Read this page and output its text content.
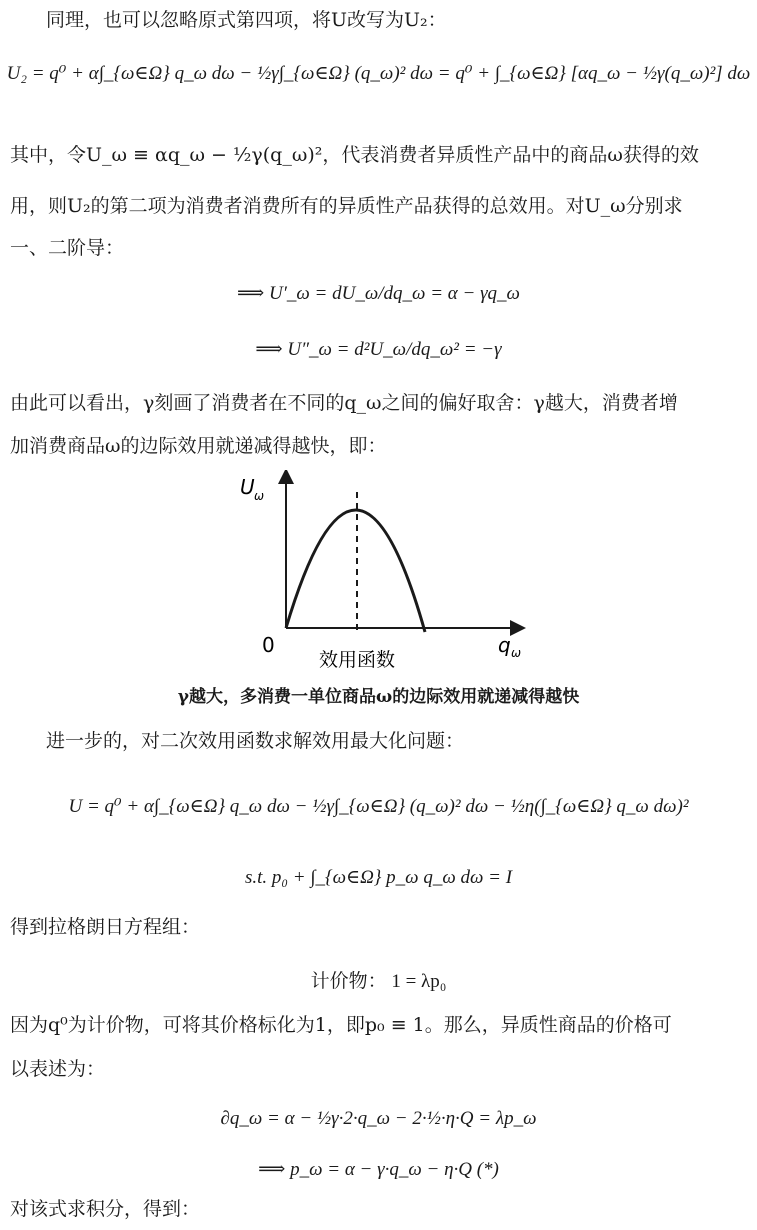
同理，也可以忽略原式第四项，将U改写为U₂：
U₂ = q⁰ + α∫_{ω∈Ω} q_ω dω − ½γ∫_{ω∈Ω} (q_ω)² dω = q⁰ + ∫_{ω∈Ω} [αq_ω − ½γ(q_ω)²] dω
其中，令U_ω ≡ αq_ω − ½γ(q_ω)²，代表消费者异质性产品中的商品ω获得的效
用，则U₂的第二项为消费者消费所有的异质性产品获得的总效用。对U_ω分别求
一、二阶导：
⟹ U′_ω = dU_ω/dq_ω = α − γq_ω
⟹ U″_ω = d²U_ω/dq_ω² = −γ
由此可以看出，γ刻画了消费者在不同的q_ω之间的偏好取舍：γ越大，消费者增
加消费商品ω的边际效用就递减得越快，即：
U ω
0	q ω
效用函数
γ越大，多消费一单位商品ω的边际效用就递减得越快
进一步的，对二次效用函数求解效用最大化问题：
U = q⁰ + α∫_{ω∈Ω} q_ω dω − ½γ∫_{ω∈Ω} (q_ω)² dω − ½η(∫_{ω∈Ω} q_ω dω)²
s.t. p₀ + ∫_{ω∈Ω} p_ω q_ω dω = I
得到拉格朗日方程组：
计价物： 1 = λp₀
因为q⁰为计价物，可将其价格标化为1，即p₀ ≡ 1。那么，异质性商品的价格可
以表述为：
∂q_ω = α − ½γ·2·q_ω − 2·½·η·Q = λp_ω
⟹ p_ω = α − γ·q_ω − η·Q (*)
对该式求积分，得到：
